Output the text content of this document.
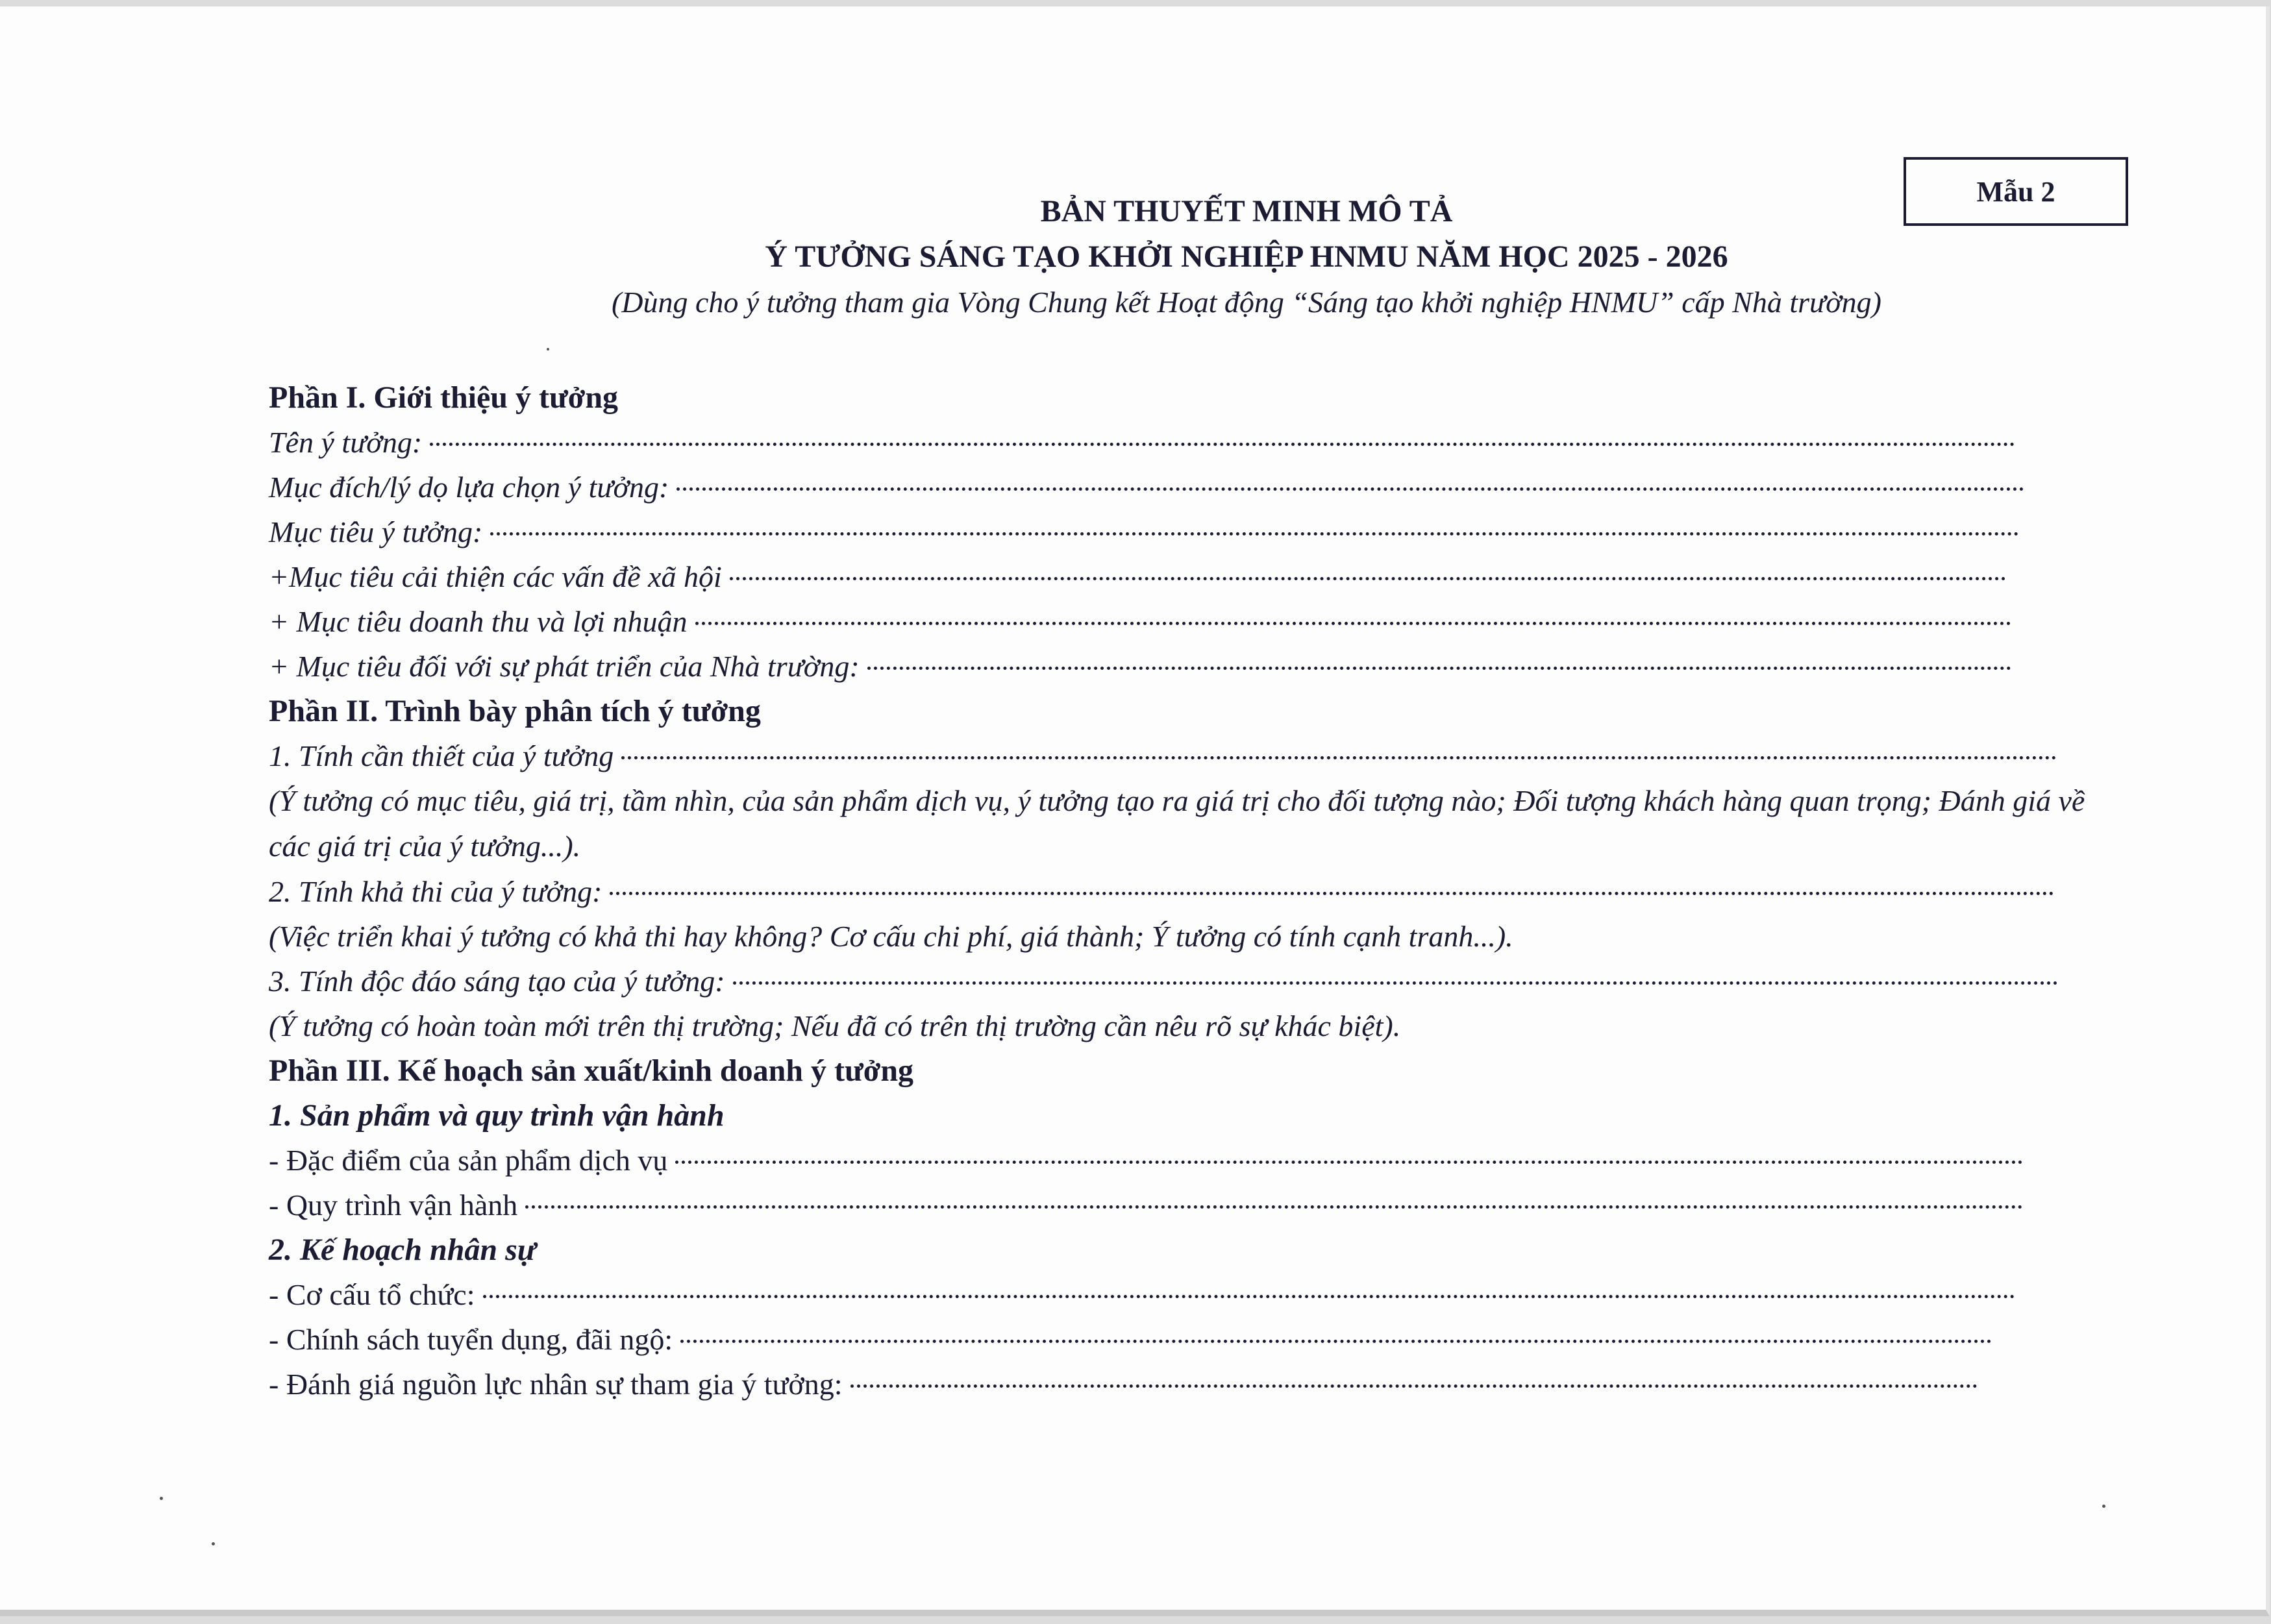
Mẫu 2
BẢN THUYẾT MINH MÔ TẢ
Ý TƯỞNG SÁNG TẠO KHỞI NGHIỆP HNMU NĂM HỌC 2025 - 2026
(Dùng cho ý tưởng tham gia Vòng Chung kết Hoạt động “Sáng tạo khởi nghiệp HNMU” cấp Nhà trường)
Phần I. Giới thiệu ý tưởng
Tên ý tưởng:
Mục đích/lý dọ lựa chọn ý tưởng:
Mục tiêu ý tưởng:
+Mục tiêu cải thiện các vấn đề xã hội
+ Mục tiêu doanh thu và lợi nhuận
+ Mục tiêu đối với sự phát triển của Nhà trường:
Phần II. Trình bày phân tích ý tưởng
1. Tính cần thiết của ý tưởng

(Ý tưởng có mục tiêu, giá trị, tầm nhìn, của sản phẩm dịch vụ, ý tưởng tạo ra giá trị cho đối tượng nào; Đối tượng khách hàng quan trọng; Đánh giá về các giá trị của ý tưởng...).

2. Tính khả thi của ý tưởng:
(Việc triển khai ý tưởng có khả thi hay không? Cơ cấu chi phí, giá thành; Ý tưởng có tính cạnh tranh...).
3. Tính độc đáo sáng tạo của ý tưởng:
(Ý tưởng có hoàn toàn mới trên thị trường; Nếu đã có trên thị trường cần nêu rõ sự khác biệt).
Phần III. Kế hoạch sản xuất/kinh doanh ý tưởng
1. Sản phẩm và quy trình vận hành
- Đặc điểm của sản phẩm dịch vụ
- Quy trình vận hành
2. Kế hoạch nhân sự
- Cơ cấu tổ chức:
- Chính sách tuyển dụng, đãi ngộ:
- Đánh giá nguồn lực nhân sự tham gia ý tưởng:
